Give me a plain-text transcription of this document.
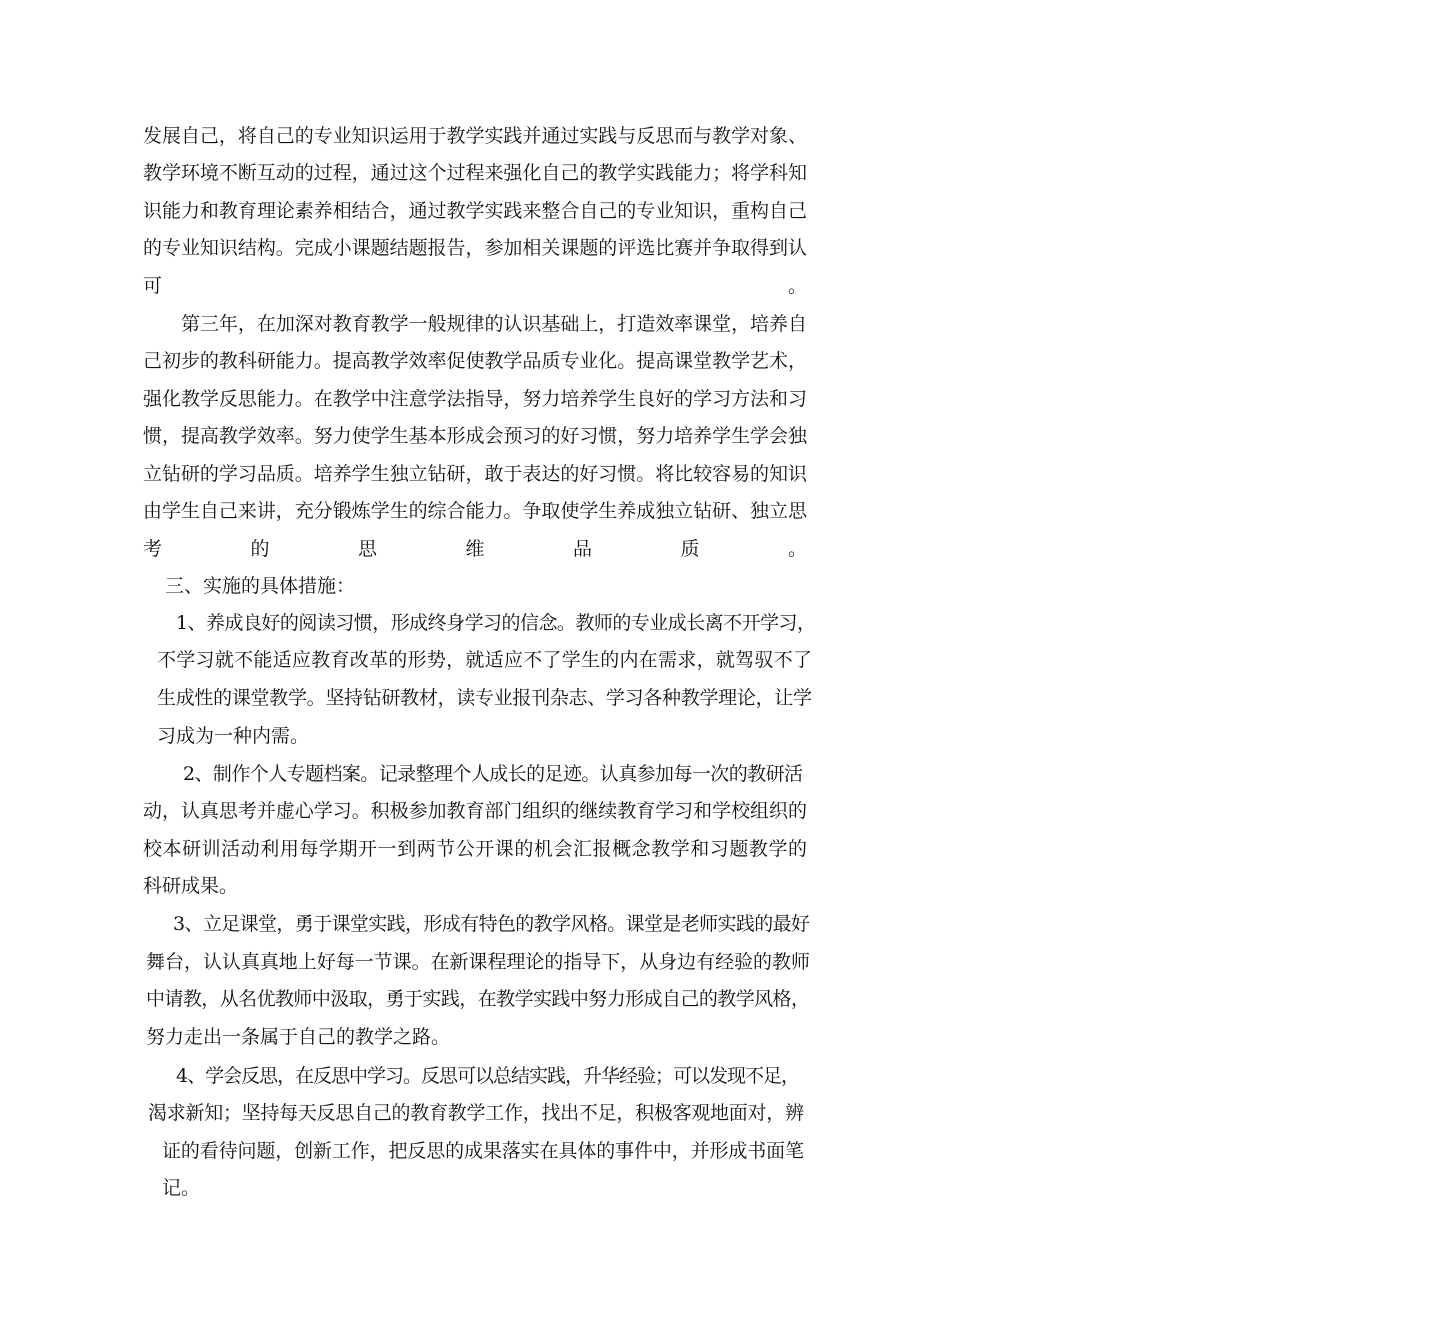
发展自己，将自己的专业知识运用于教学实践并通过实践与反思而与教学对象、

教学环境不断互动的过程，通过这个过程来强化自己的教学实践能力；将学科知

识能力和教育理论素养相结合，通过教学实践来整合自己的专业知识，重构自己

的专业知识结构。完成小课题结题报告，参加相关课题的评选比赛并争取得到认

可。

第三年，在加深对教育教学一般规律的认识基础上，打造效率课堂，培养自

己初步的教科研能力。提高教学效率促使教学品质专业化。提高课堂教学艺术，

强化教学反思能力。在教学中注意学法指导，努力培养学生良好的学习方法和习

惯，提高教学效率。努力使学生基本形成会预习的好习惯，努力培养学生学会独

立钻研的学习品质。培养学生独立钻研，敢于表达的好习惯。将比较容易的知识

由学生自己来讲，充分锻炼学生的综合能力。争取使学生养成独立钻研、独立思

考的思维品质。

三、实施的具体措施：

1、养成良好的阅读习惯，形成终身学习的信念。教师的专业成长离不开学习，

不学习就不能适应教育改革的形势，就适应不了学生的内在需求，就驾驭不了

生成性的课堂教学。坚持钻研教材，读专业报刊杂志、学习各种教学理论，让学

习成为一种内需。

2、制作个人专题档案。记录整理个人成长的足迹。认真参加每一次的教研活

动，认真思考并虚心学习。积极参加教育部门组织的继续教育学习和学校组织的

校本研训活动利用每学期开一到两节公开课的机会汇报概念教学和习题教学的

科研成果。

3、立足课堂，勇于课堂实践，形成有特色的教学风格。课堂是老师实践的最好

舞台，认认真真地上好每一节课。在新课程理论的指导下，从身边有经验的教师

中请教，从名优教师中汲取，勇于实践，在教学实践中努力形成自己的教学风格，

努力走出一条属于自己的教学之路。

4、学会反思，在反思中学习。反思可以总结实践，升华经验；可以发现不足，

渴求新知；坚持每天反思自己的教育教学工作，找出不足，积极客观地面对，辨

证的看待问题，创新工作，把反思的成果落实在具体的事件中，并形成书面笔

记。
